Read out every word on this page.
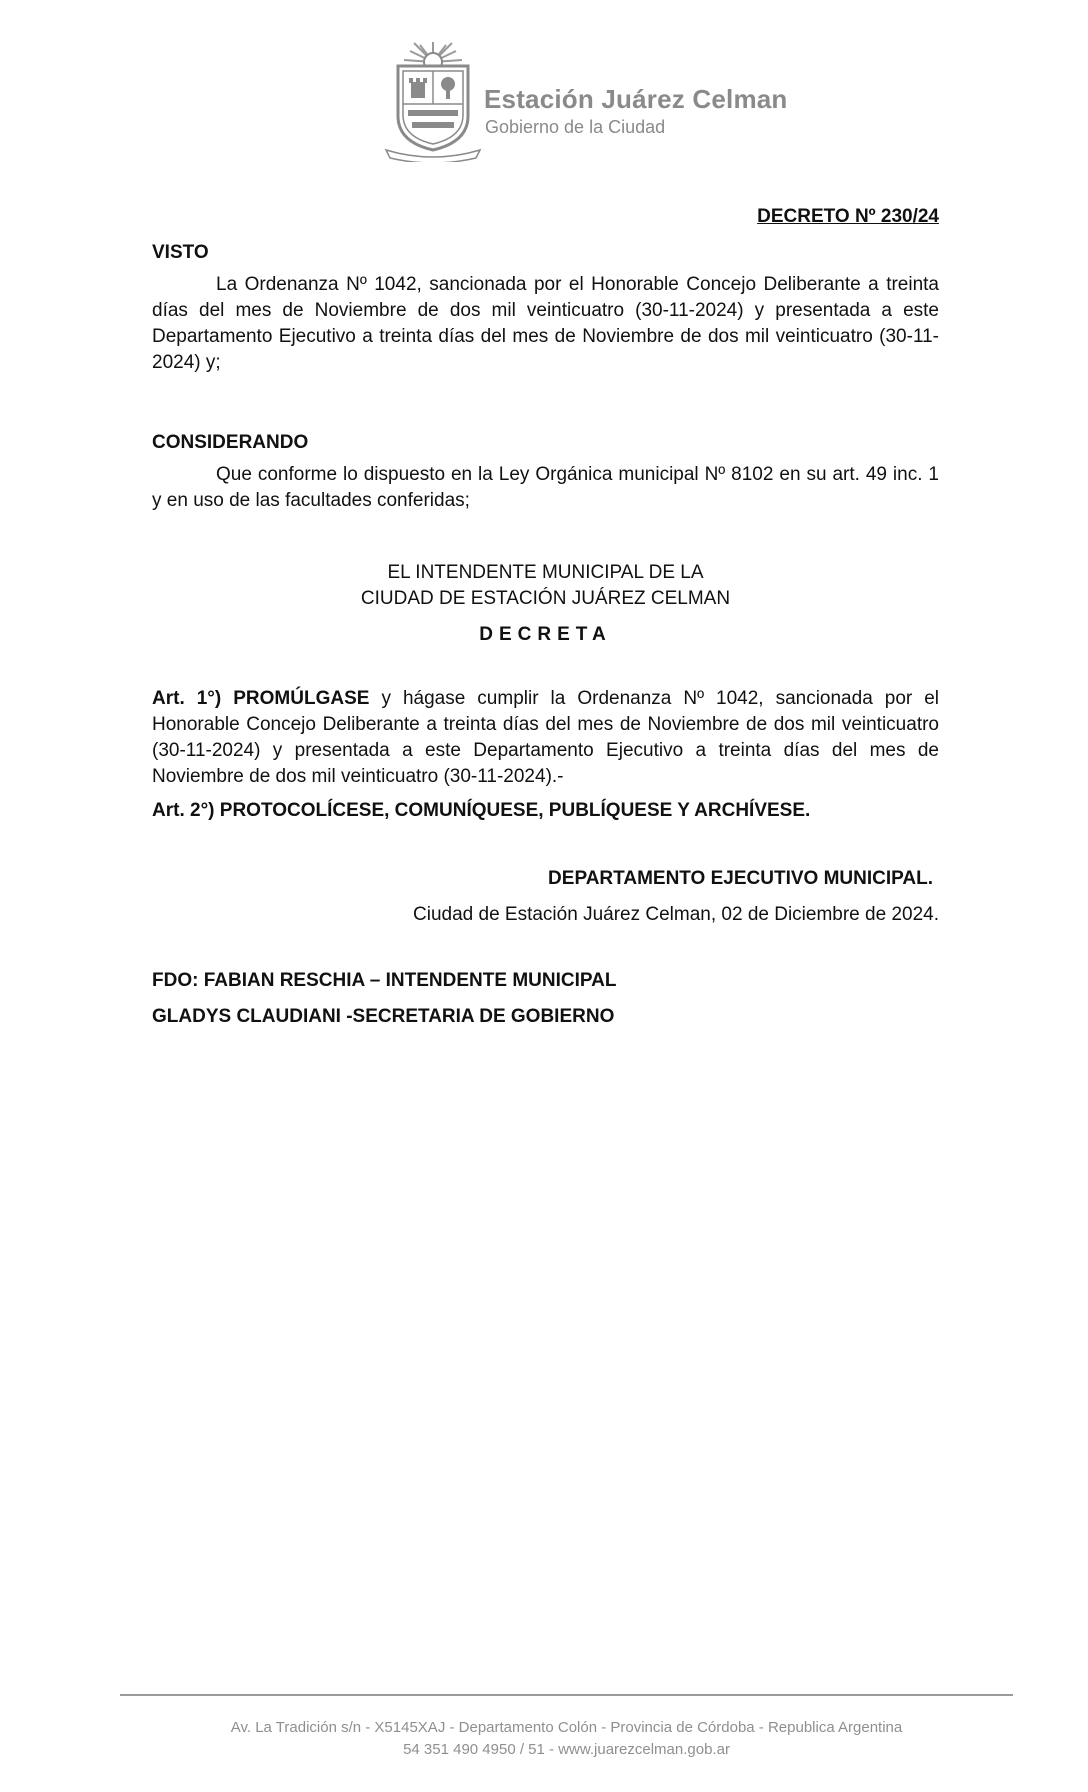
Estación Juárez Celman
Gobierno de la Ciudad

DECRETO Nº 230/24

VISTO

La Ordenanza Nº 1042, sancionada por el Honorable Concejo Deliberante a treinta días del mes de Noviembre de dos mil veinticuatro (30-11-2024) y presentada a este Departamento Ejecutivo a treinta días del mes de Noviembre de dos mil veinticuatro (30-11-2024) y;

CONSIDERANDO

Que conforme lo dispuesto en la Ley Orgánica municipal Nº 8102 en su art. 49 inc. 1 y en uso de las facultades conferidas;

EL INTENDENTE MUNICIPAL DE LA

CIUDAD DE ESTACIÓN JUÁREZ CELMAN

DECRETA

Art. 1°) PROMÚLGASE y hágase cumplir la Ordenanza Nº 1042, sancionada por el Honorable Concejo Deliberante a treinta días del mes de Noviembre de dos mil veinticuatro (30-11-2024) y presentada a este Departamento Ejecutivo a treinta días del mes de Noviembre de dos mil veinticuatro (30-11-2024).-

Art. 2°) PROTOCOLÍCESE, COMUNÍQUESE, PUBLÍQUESE Y ARCHÍVESE.

DEPARTAMENTO EJECUTIVO MUNICIPAL.

Ciudad de Estación Juárez Celman, 02 de Diciembre de 2024.

FDO: FABIAN RESCHIA – INTENDENTE MUNICIPAL

GLADYS CLAUDIANI -SECRETARIA DE GOBIERNO

Av. La Tradición s/n - X5145XAJ - Departamento Colón - Provincia de Córdoba - Republica Argentina
54 351 490 4950 / 51 - www.juarezcelman.gob.ar
